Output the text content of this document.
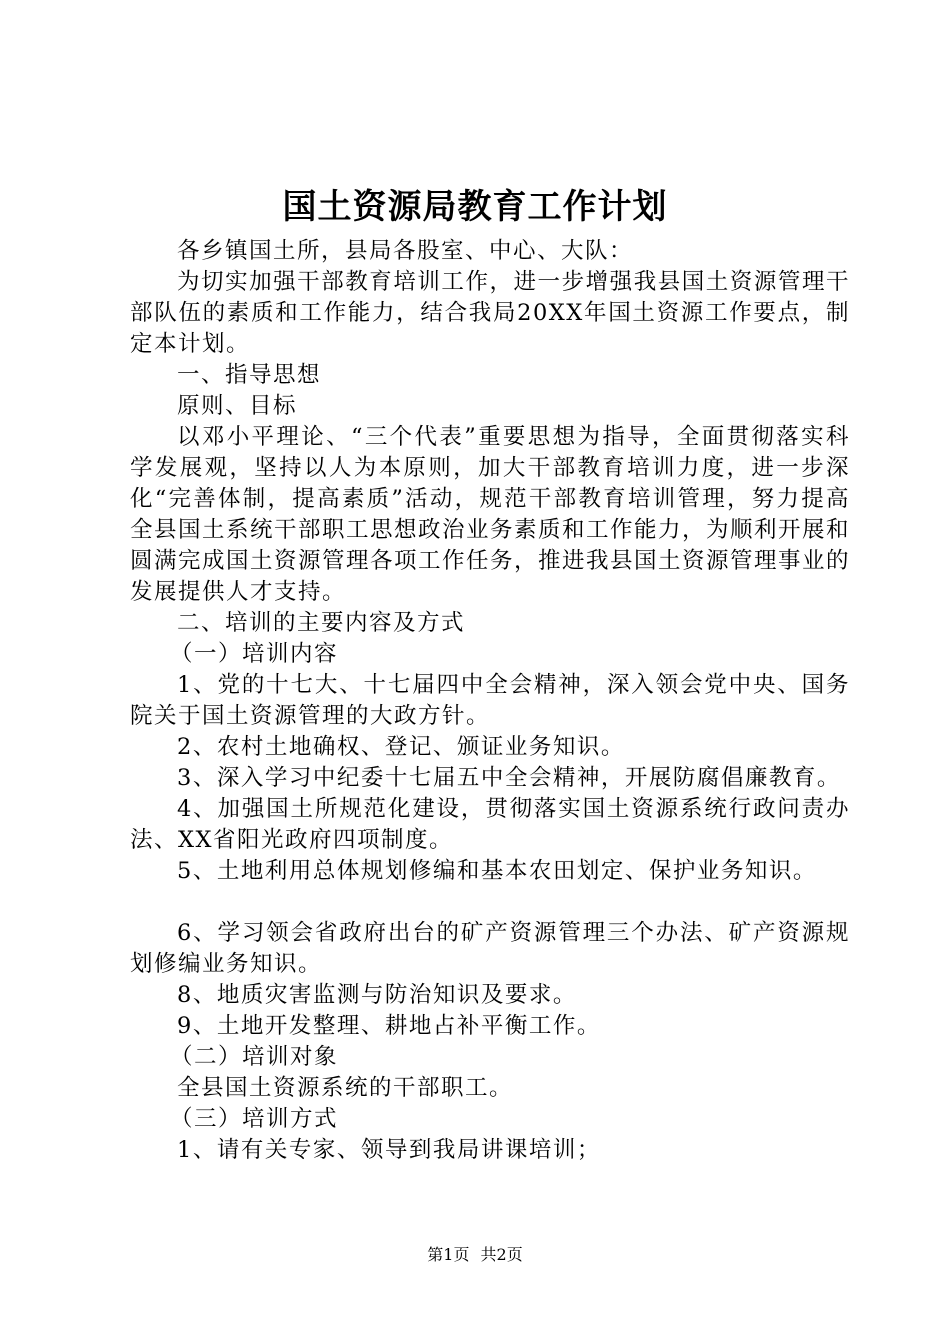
国土资源局教育工作计划

各乡镇国土所，县局各股室、中心、大队：

为切实加强干部教育培训工作，进一步增强我县国土资源管理干部队伍的素质和工作能力，结合我局20XX年国土资源工作要点，制定本计划。

一、指导思想

原则、目标

以邓小平理论、“三个代表”重要思想为指导，全面贯彻落实科学发展观，坚持以人为本原则，加大干部教育培训力度，进一步深化“完善体制，提高素质”活动，规范干部教育培训管理，努力提高全县国土系统干部职工思想政治业务素质和工作能力，为顺利开展和圆满完成国土资源管理各项工作任务，推进我县国土资源管理事业的发展提供人才支持。

二、培训的主要内容及方式

（一）培训内容

1、党的十七大、十七届四中全会精神，深入领会党中央、国务院关于国土资源管理的大政方针。

2、农村土地确权、登记、颁证业务知识。

3、深入学习中纪委十七届五中全会精神，开展防腐倡廉教育。

4、加强国土所规范化建设，贯彻落实国土资源系统行政问责办法、XX省阳光政府四项制度。

5、土地利用总体规划修编和基本农田划定、保护业务知识。

6、学习领会省政府出台的矿产资源管理三个办法、矿产资源规划修编业务知识。

8、地质灾害监测与防治知识及要求。

9、土地开发整理、耕地占补平衡工作。

（二）培训对象

全县国土资源系统的干部职工。

（三）培训方式

1、请有关专家、领导到我局讲课培训；

第1页 共2页
